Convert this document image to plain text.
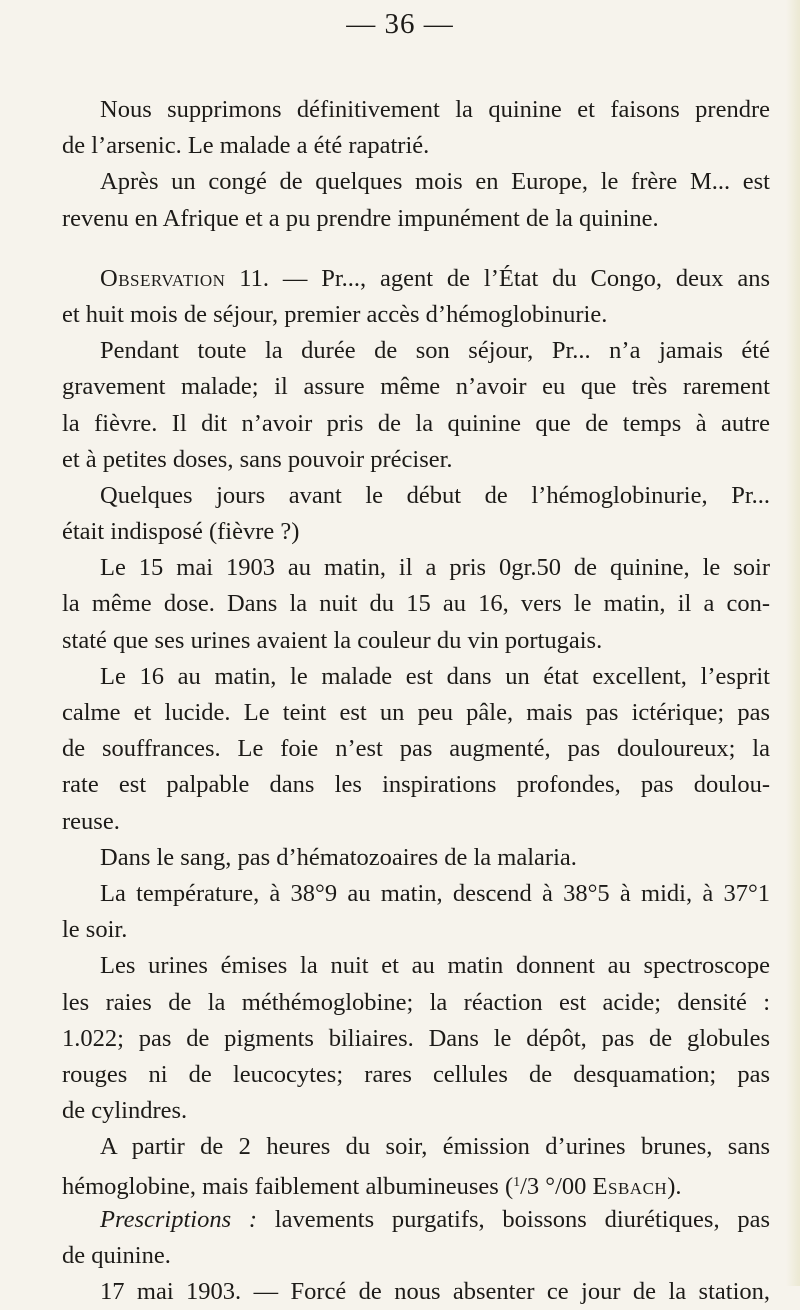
— 36 —
Nous supprimons définitivement la quinine et faisons prendre
de l’arsenic. Le malade a été rapatrié.
Après un congé de quelques mois en Europe, le frère M... est
revenu en Afrique et a pu prendre impunément de la quinine.
Observation 11. — Pr..., agent de l’État du Congo, deux ans
et huit mois de séjour, premier accès d’hémoglobinurie.
Pendant toute la durée de son séjour, Pr... n’a jamais été
gravement malade; il assure même n’avoir eu que très rarement
la fièvre. Il dit n’avoir pris de la quinine que de temps à autre
et à petites doses, sans pouvoir préciser.
Quelques jours avant le début de l’hémoglobinurie, Pr...
était indisposé (fièvre ?)
Le 15 mai 1903 au matin, il a pris 0gr.50 de quinine, le soir
la même dose. Dans la nuit du 15 au 16, vers le matin, il a con-
staté que ses urines avaient la couleur du vin portugais.
Le 16 au matin, le malade est dans un état excellent, l’esprit
calme et lucide. Le teint est un peu pâle, mais pas ictérique; pas
de souffrances. Le foie n’est pas augmenté, pas douloureux; la
rate est palpable dans les inspirations profondes, pas doulou-
reuse.
Dans le sang, pas d’hématozoaires de la malaria.
La température, à 38°9 au matin, descend à 38°5 à midi, à 37°1
le soir.
Les urines émises la nuit et au matin donnent au spectroscope
les raies de la méthémoglobine; la réaction est acide; densité :
1.022; pas de pigments biliaires. Dans le dépôt, pas de globules
rouges ni de leucocytes; rares cellules de desquamation; pas
de cylindres.
A partir de 2 heures du soir, émission d’urines brunes, sans
hémoglobine, mais faiblement albumineuses ($^1$/3 °/00 Esbach).
Prescriptions : lavements purgatifs, boissons diurétiques, pas
de quinine.
17 mai 1903. — Forcé de nous absenter ce jour de la station,
